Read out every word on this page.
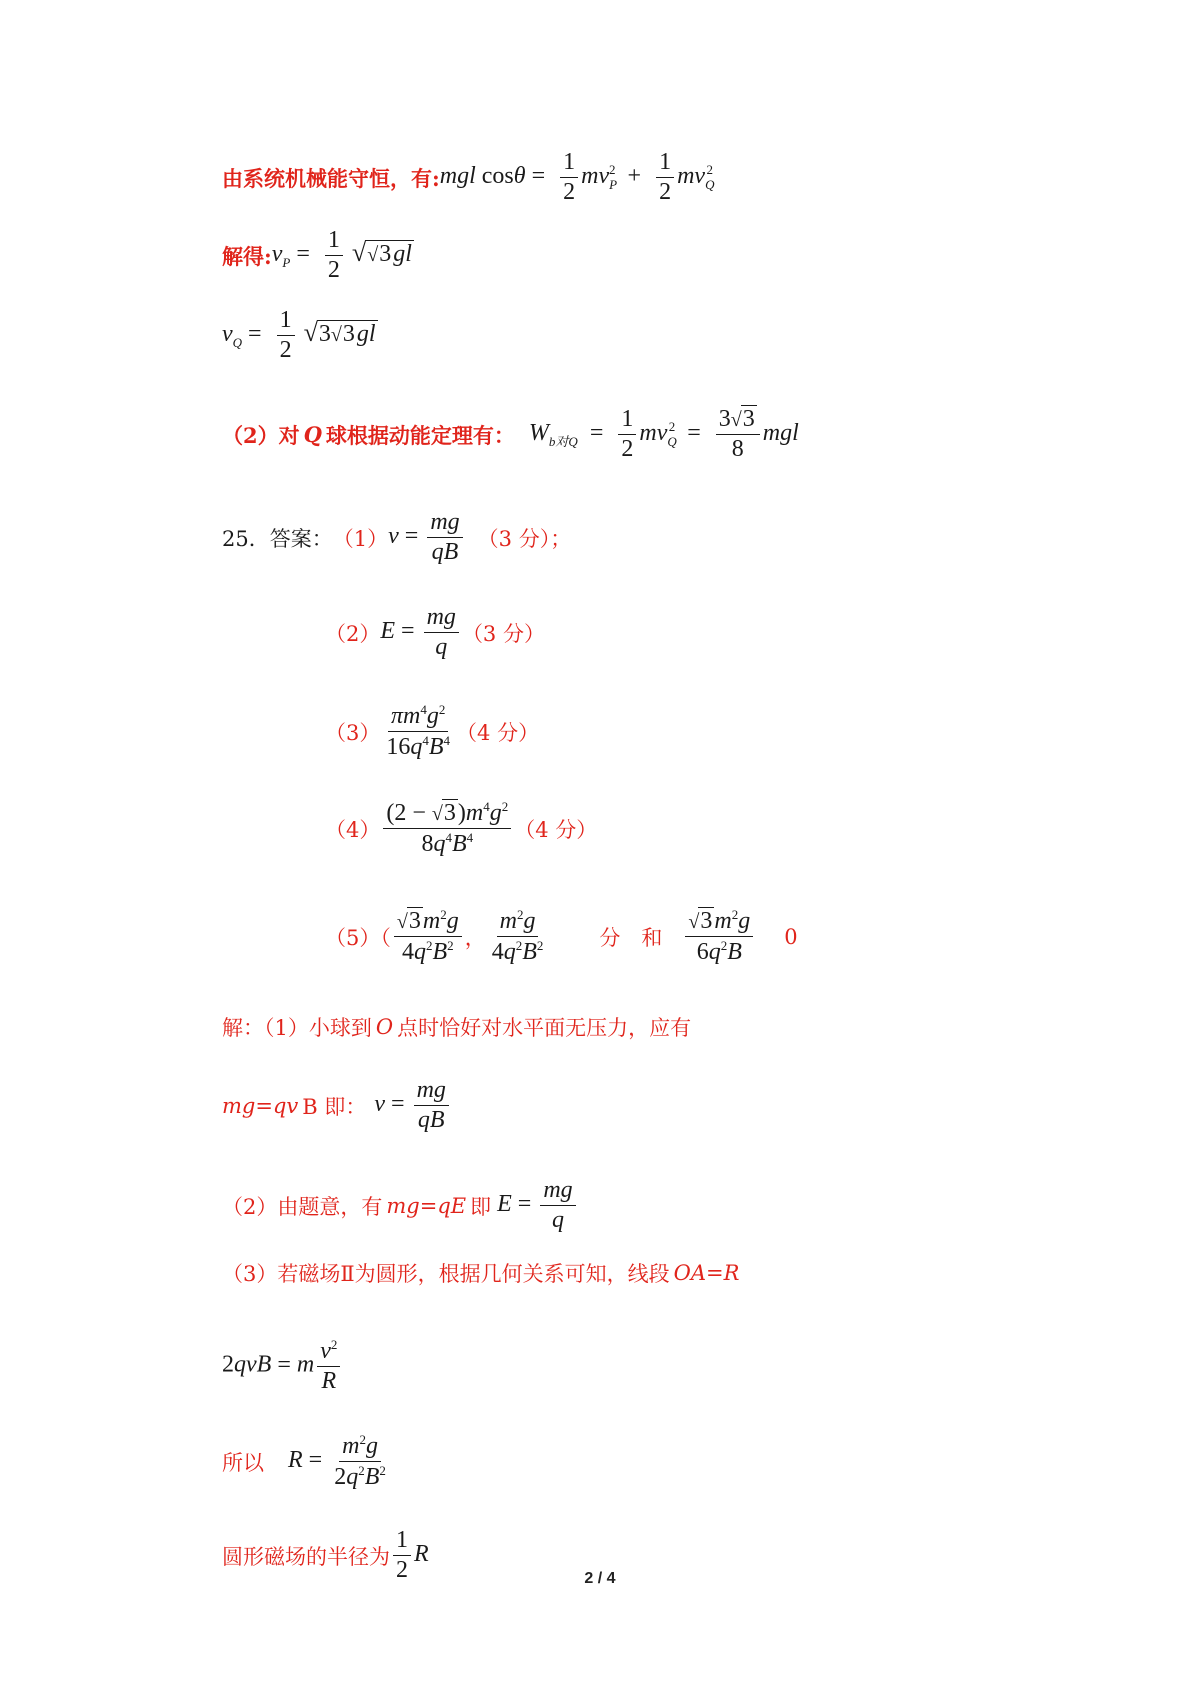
由系统机械能守恒，有: mgl $\cos\theta = \frac{1}{2} mv_P^2 + \frac{1}{2} mv_Q^2$
解得: $v_P = \frac{1}{2} √√3gl$
$v_Q = \frac{1}{2} √3√3gl$
（2）对 Q 球根据动能定理有： $W_{b对Q} = \frac{1}{2} mv_Q^2 = \frac{3√3}{8}$ mgl
25．答案： （1） $v = \frac{mg}{qB} (3$ 分）；
（2） $E = \frac{mg}{q} (3$ 分）
$(3) \frac{\pi m^4g^2}{16q^4B^4} (4$ 分）
$(4) \frac{(2 - √3)m^4g^2}{8q^4B^4} (4$ 分）
$(5)( \frac{√3m^2g}{4q^2B^2}$ ， $\frac{m^2g}{4q^2B^2}$	分　和 $\frac{√3m^2g}{6q^2B} 0$
解：（1）小球到 O 点时恰好对水平面无压力，应有
mg=qv B 即： $v = \frac{mg}{qB}$
（2）由题意，有 mg=qE 即 $E = \frac{mg}{q}$
（3）若磁场Ⅱ为圆形，根据几何关系可知，线段 OA=R
2qvB = m $\frac{v^2}{R}$
所以 $R = \frac{m^2g}{2q^2B^2}$
圆形磁场的半径为 $\frac{1}{2}$ R
2 / 4
